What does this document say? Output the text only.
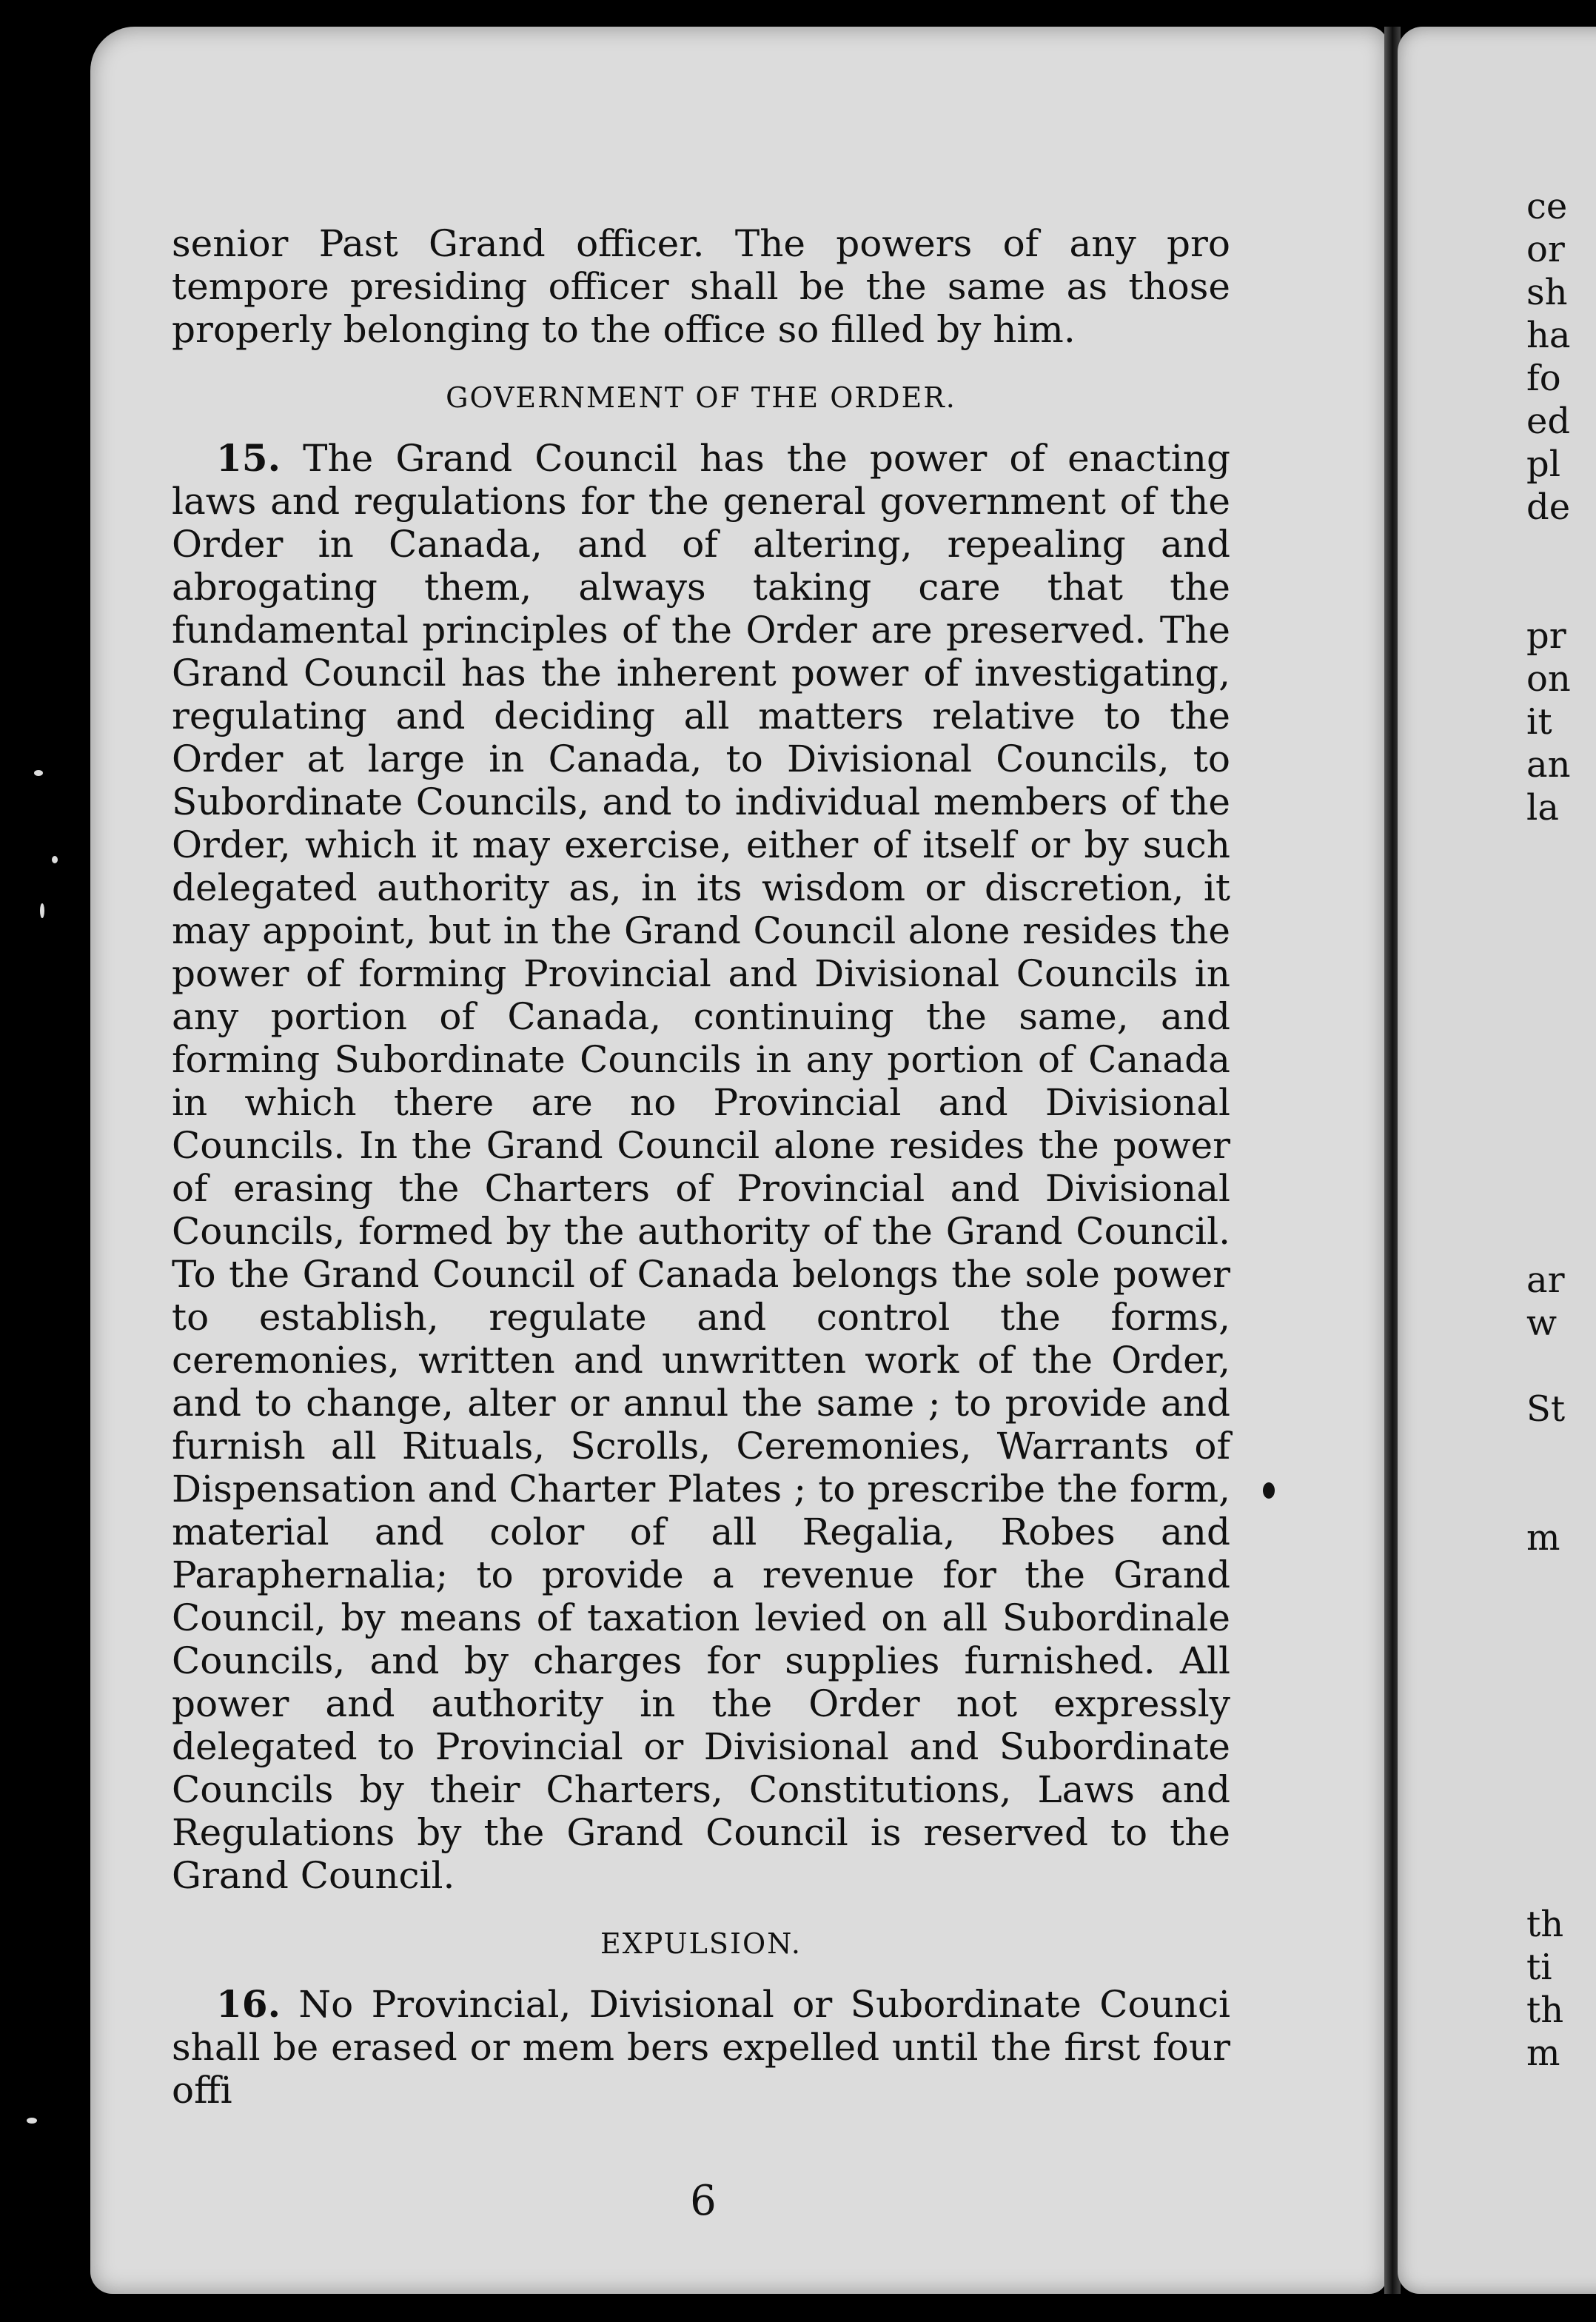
senior Past Grand officer. The powers of any pro tempore presiding officer shall be the same as those properly belonging to the office so filled by him.

GOVERNMENT OF THE ORDER.

15. The Grand Council has the power of enacting laws and regulations for the general government of the Order in Canada, and of altering, repealing and abrogating them, always taking care that the fundamental principles of the Order are preserved. The Grand Council has the inherent power of investigating, regulating and deciding all matters relative to the Order at large in Canada, to Divisional Councils, to Subordinate Councils, and to individual members of the Order, which it may exercise, either of itself or by such delegated authority as, in its wisdom or discretion, it may appoint, but in the Grand Council alone resides the power of forming Provincial and Divisional Councils in any portion of Canada, continuing the same, and forming Subordinate Councils in any portion of Canada in which there are no Provincial and Divisional Councils. In the Grand Council alone resides the power of erasing the Charters of Provincial and Divisional Councils, formed by the authority of the Grand Council. To the Grand Council of Canada belongs the sole power to establish, regulate and control the forms, ceremonies, written and unwritten work of the Order, and to change, alter or annul the same ; to provide and furnish all Rituals, Scrolls, Ceremonies, Warrants of Dispensation and Charter Plates ; to prescribe the form, material and color of all Regalia, Robes and Paraphernalia; to provide a revenue for the Grand Council, by means of taxation levied on all Subordinale Councils, and by charges for supplies furnished. All power and authority in the Order not expressly delegated to Provincial or Divisional and Subordinate Councils by their Charters, Constitutions, Laws and Regulations by the Grand Council is reserved to the Grand Council.

EXPULSION.

16. No Provincial, Divisional or Subordinate Counci shall be erased or mem bers expelled until the first four offi

6
ce
or
sh
ha
fo
ed
pl
de
pr
on
it
an
la
ar
w
St
m
th
ti
th
m
